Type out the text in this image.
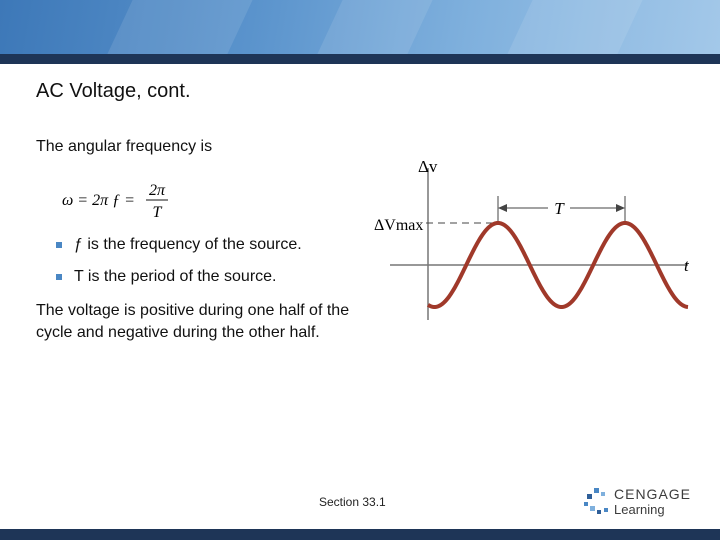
AC Voltage, cont.
The angular frequency is
ω = 2π ƒ =
2π
T
ƒ is the frequency of the source.
T is the period of the source.
The voltage is positive during one half of the cycle and negative during the other half.
Δv
ΔVmax
t
T
Section 33.1	CENGAGE
Learning
